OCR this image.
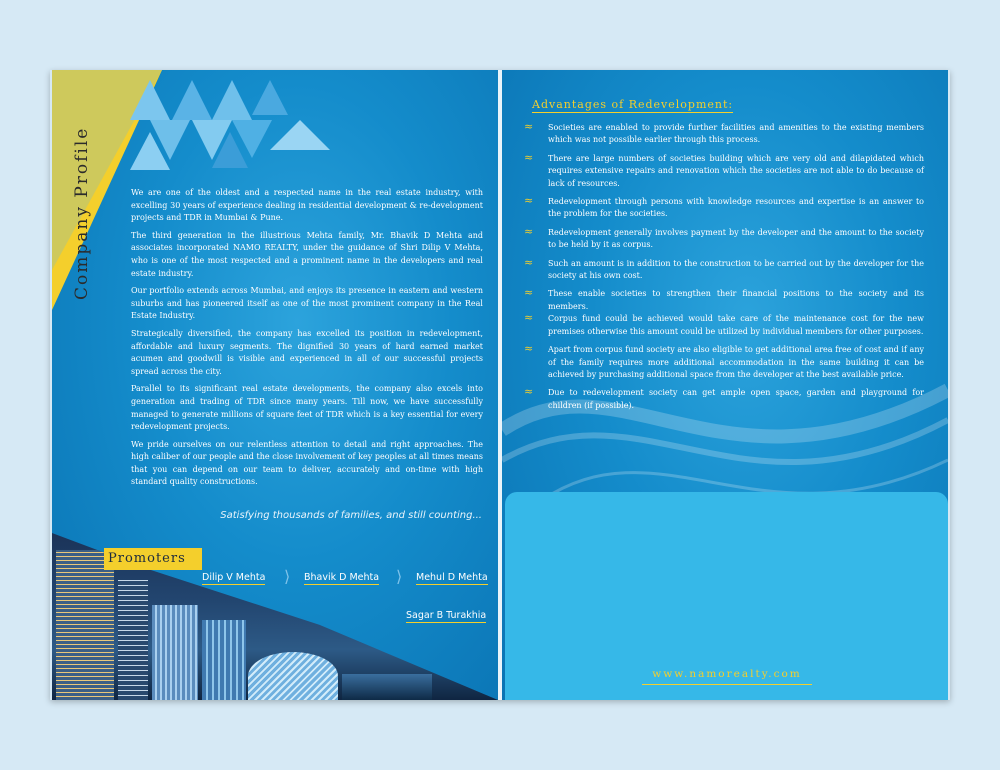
Company Profile	We are one of the oldest and a respected name in the real estate industry, with excelling 30 years of experience dealing in residential development & re-development projects and TDR in Mumbai & Pune.

The third generation in the illustrious Mehta family, Mr. Bhavik D Mehta and associates incorporated NAMO REALTY, under the guidance of Shri Dilip V Mehta, who is one of the most respected and a prominent name in the developers and real estate industry.

Our portfolio extends across Mumbai, and enjoys its presence in eastern and western suburbs and has pioneered itself as one of the most prominent company in the Real Estate Industry.

Strategically diversified, the company has excelled its position in redevelopment, affordable and luxury segments. The dignified 30 years of hard earned market acumen and goodwill is visible and experienced in all of our successful projects spread across the city.

Parallel to its significant real estate developments, the company also excels into generation and trading of TDR since many years. Till now, we have successfully managed to generate millions of square feet of TDR which is a key essential for every redevelopment projects.

We pride ourselves on our relentless attention to detail and right approaches. The high caliber of our people and the close involvement of key peoples at all times means that you can depend on our team to deliver, accurately and on-time with high standard quality constructions.

Satisfying thousands of families, and still counting...
Promoters
Dilip V Mehta ⟩ Bhavik D Mehta ⟩ Mehul D Mehta
Sagar B Turakhia
Advantages of Redevelopment:
≈ Societies are enabled to provide further facilities and amenities to the existing members which was not possible earlier through this process.
≈ There are large numbers of societies building which are very old and dilapidated which requires extensive repairs and renovation which the societies are not able to do because of lack of resources.
≈ Redevelopment through persons with knowledge resources and expertise is an answer to the problem for the societies.
≈ Redevelopment generally involves payment by the developer and the amount to the society to be held by it as corpus.
≈ Such an amount is in addition to the construction to be carried out by the developer for the society at his own cost.
≈ These enable societies to strengthen their financial positions to the society and its members.
≈ Corpus fund could be achieved would take care of the maintenance cost for the new premises otherwise this amount could be utilized by individual members for other purposes.
≈ Apart from corpus fund society are also eligible to get additional area free of cost and if any of the family requires more additional accommodation in the same building it can be achieved by purchasing additional space from the developer at the best available price.
≈ Due to redevelopment society can get ample open space, garden and playground for children (if possible).
www.namorealty.com
